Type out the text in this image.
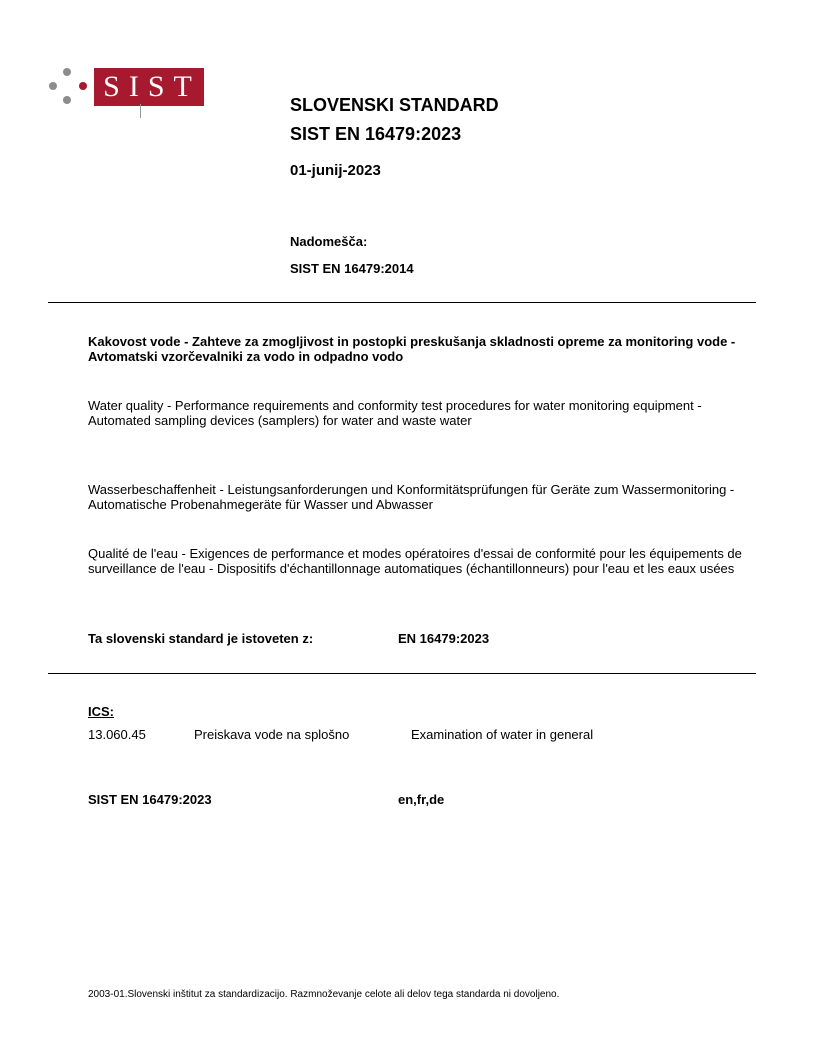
SIST
SLOVENSKI STANDARD
SIST EN 16479:2023
01-junij-2023
Nadomešča:
SIST EN 16479:2014
Kakovost vode - Zahteve za zmogljivost in postopki preskušanja skladnosti opreme za monitoring vode - Avtomatski vzorčevalniki za vodo in odpadno vodo
Water quality - Performance requirements and conformity test procedures for water monitoring equipment - Automated sampling devices (samplers) for water and waste water
Wasserbeschaffenheit - Leistungsanforderungen und Konformitätsprüfungen für Geräte zum Wassermonitoring - Automatische Probenahmegeräte für Wasser und Abwasser
Qualité de l'eau - Exigences de performance et modes opératoires d'essai de conformité pour les équipements de surveillance de l'eau - Dispositifs d'échantillonnage automatiques (échantillonneurs) pour l'eau et les eaux usées
Ta slovenski standard je istoveten z:	EN 16479:2023
ICS:
13.060.45	Preiskava vode na splošno	Examination of water in general
SIST EN 16479:2023	en,fr,de
2003-01.Slovenski inštitut za standardizacijo. Razmnoževanje celote ali delov tega standarda ni dovoljeno.
